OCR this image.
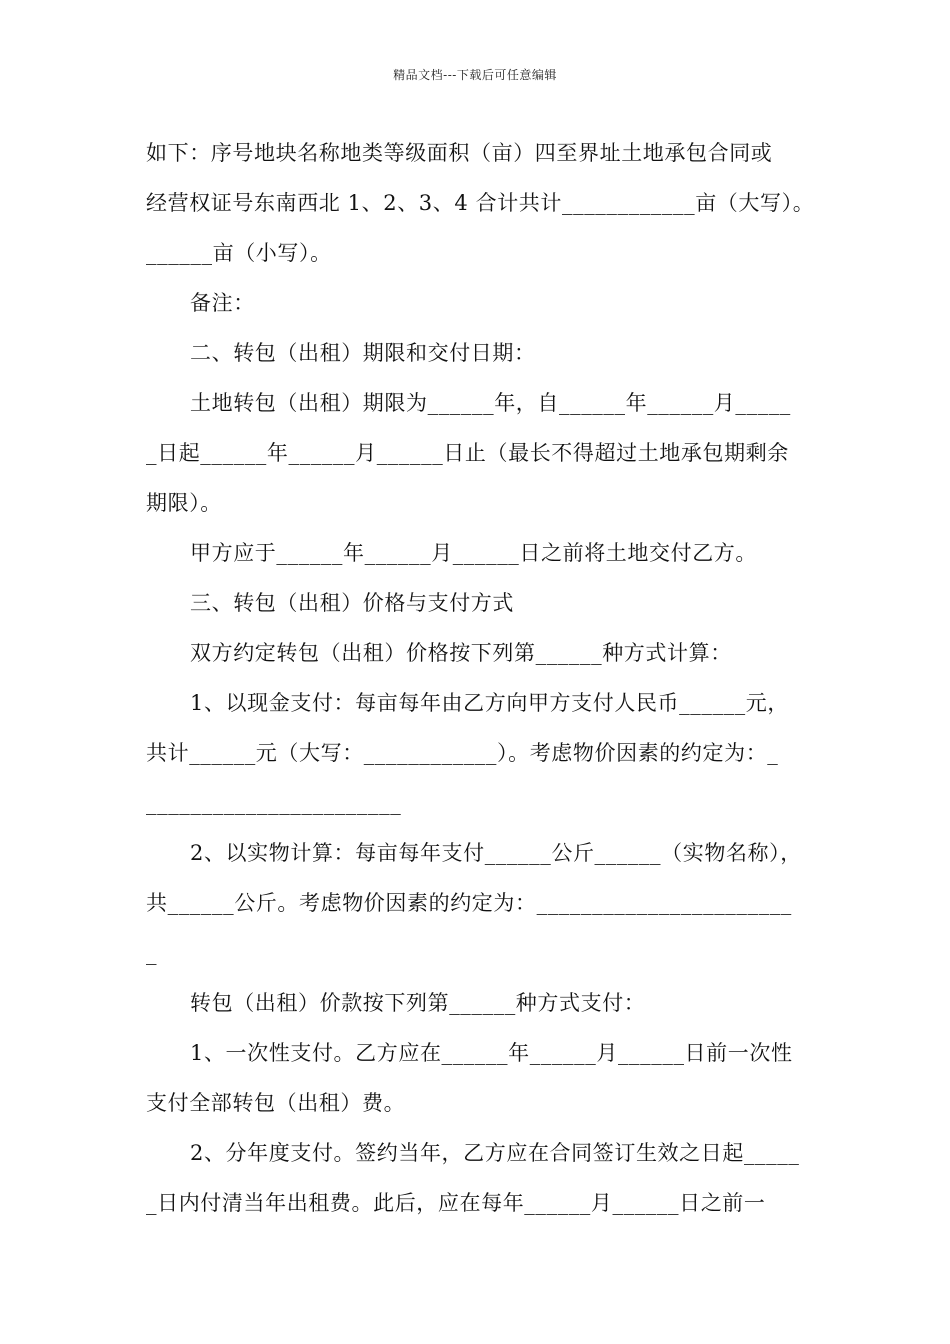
精品文档---下载后可任意编辑
如下：序号地块名称地类等级面积（亩）四至界址土地承包合同或
经营权证号东南西北 1、2、3、4 合计共计____________亩（大写）。
______亩（小写）。
备注：
二、转包（出租）期限和交付日期：
土地转包（出租）期限为______年，自______年______月_____
_日起______年______月______日止（最长不得超过土地承包期剩余
期限）。
甲方应于______年______月______日之前将土地交付乙方。
三、转包（出租）价格与支付方式
双方约定转包（出租）价格按下列第______种方式计算：
1、以现金支付：每亩每年由乙方向甲方支付人民币______元，
共计______元（大写：____________）。考虑物价因素的约定为：_
_______________________
2、以实物计算：每亩每年支付______公斤______（实物名称），
共______公斤。考虑物价因素的约定为：_______________________
_
转包（出租）价款按下列第______种方式支付：
1、一次性支付。乙方应在______年______月______日前一次性
支付全部转包（出租）费。
2、分年度支付。签约当年，乙方应在合同签订生效之日起_____
_日内付清当年出租费。此后，应在每年______月______日之前一
